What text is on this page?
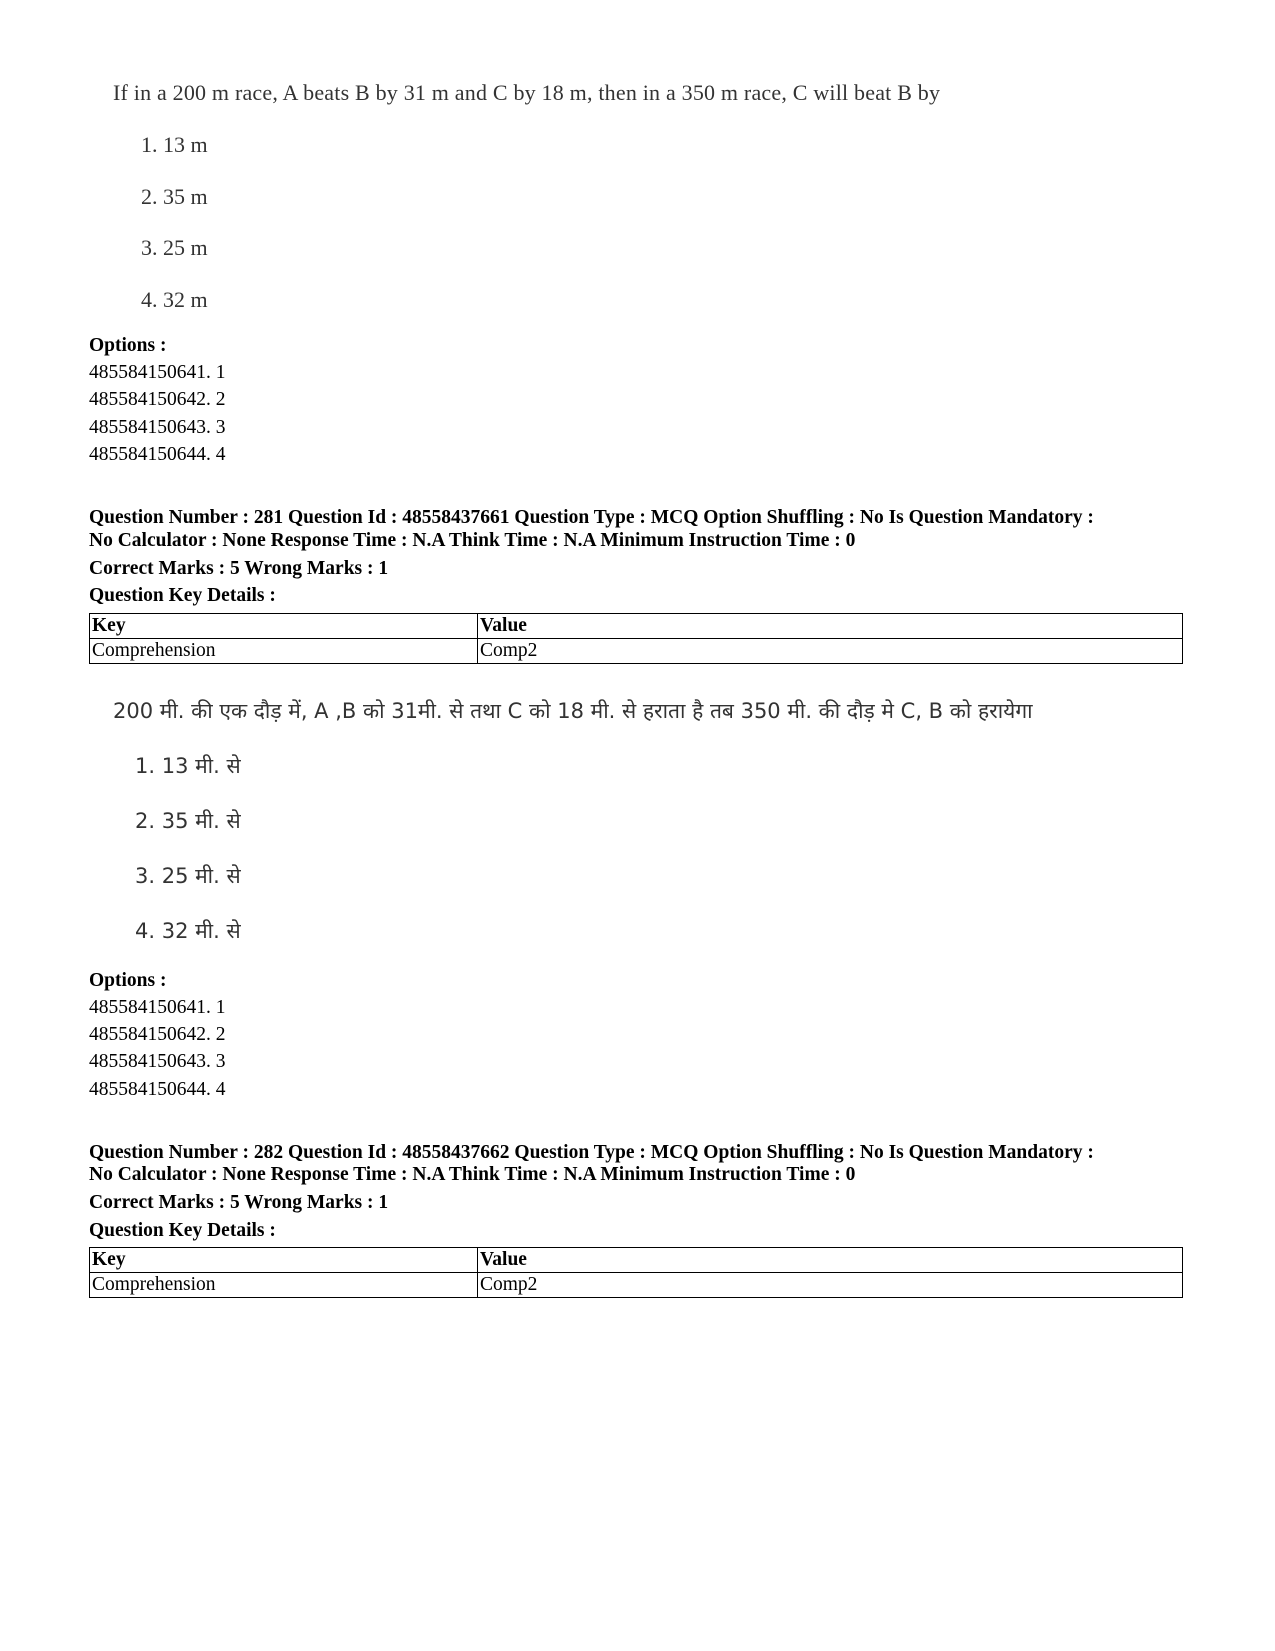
If in a 200 m race, A beats B by 31 m and C by 18 m, then in a 350 m race, C will beat B by
1. 13 m
2. 35 m
3. 25 m
4. 32 m
Options :
485584150641. 1
485584150642. 2
485584150643. 3
485584150644. 4
Question Number : 281 Question Id : 48558437661 Question Type : MCQ Option Shuffling : No Is Question Mandatory :
No Calculator : None Response Time : N.A Think Time : N.A Minimum Instruction Time : 0
Correct Marks : 5 Wrong Marks : 1
Question Key Details :
Key	Value
Comprehension	Comp2
200 मी. की एक दौड़ में, A ,B को 31मी. से तथा C को 18 मी. से हराता है तब 350 मी. की दौड़ मे C, B को हरायेगा
1. 13 मी. से
2. 35 मी. से
3. 25 मी. से
4. 32 मी. से
Options :
485584150641. 1
485584150642. 2
485584150643. 3
485584150644. 4
Question Number : 282 Question Id : 48558437662 Question Type : MCQ Option Shuffling : No Is Question Mandatory :
No Calculator : None Response Time : N.A Think Time : N.A Minimum Instruction Time : 0
Correct Marks : 5 Wrong Marks : 1
Question Key Details :
Key	Value
Comprehension	Comp2
